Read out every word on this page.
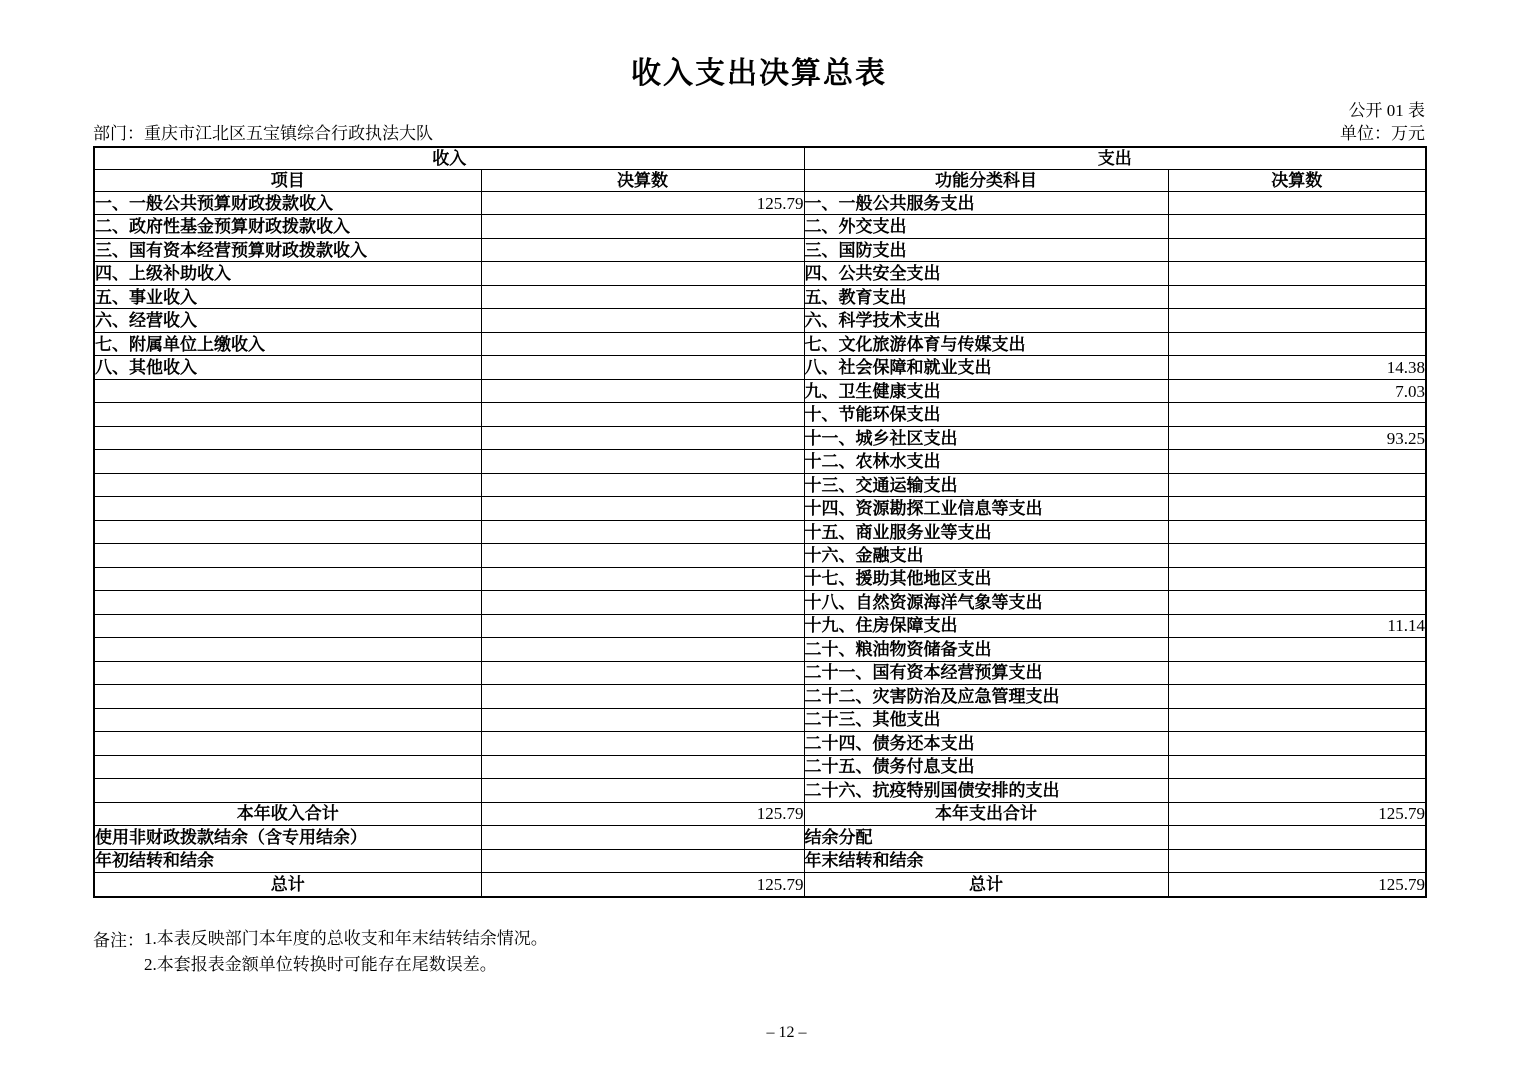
收入支出决算总表
公开 01 表
部门：重庆市江北区五宝镇综合行政执法大队	单位：万元
收入		支出	
项目	决算数	功能分类科目	决算数
一、一般公共预算财政拨款收入	125.79	一、一般公共服务支出	
二、政府性基金预算财政拨款收入		二、外交支出	
三、国有资本经营预算财政拨款收入		三、国防支出	
四、上级补助收入		四、公共安全支出	
五、事业收入		五、教育支出	
六、经营收入		六、科学技术支出	
七、附属单位上缴收入		七、文化旅游体育与传媒支出	
八、其他收入		八、社会保障和就业支出	14.38
		九、卫生健康支出	7.03
		十、节能环保支出	
		十一、城乡社区支出	93.25
		十二、农林水支出	
		十三、交通运输支出	
		十四、资源勘探工业信息等支出	
		十五、商业服务业等支出	
		十六、金融支出	
		十七、援助其他地区支出	
		十八、自然资源海洋气象等支出	
		十九、住房保障支出	11.14
		二十、粮油物资储备支出	
		二十一、国有资本经营预算支出	
		二十二、灾害防治及应急管理支出	
		二十三、其他支出	
		二十四、债务还本支出	
		二十五、债务付息支出	
		二十六、抗疫特别国债安排的支出	
本年收入合计	125.79	本年支出合计	125.79
使用非财政拨款结余（含专用结余）		结余分配	
年初结转和结余		年末结转和结余	
总计	125.79	总计	125.79
备注： 1.本表反映部门本年度的总收支和年末结转结余情况。
2.本套报表金额单位转换时可能存在尾数误差。
– 12 –
